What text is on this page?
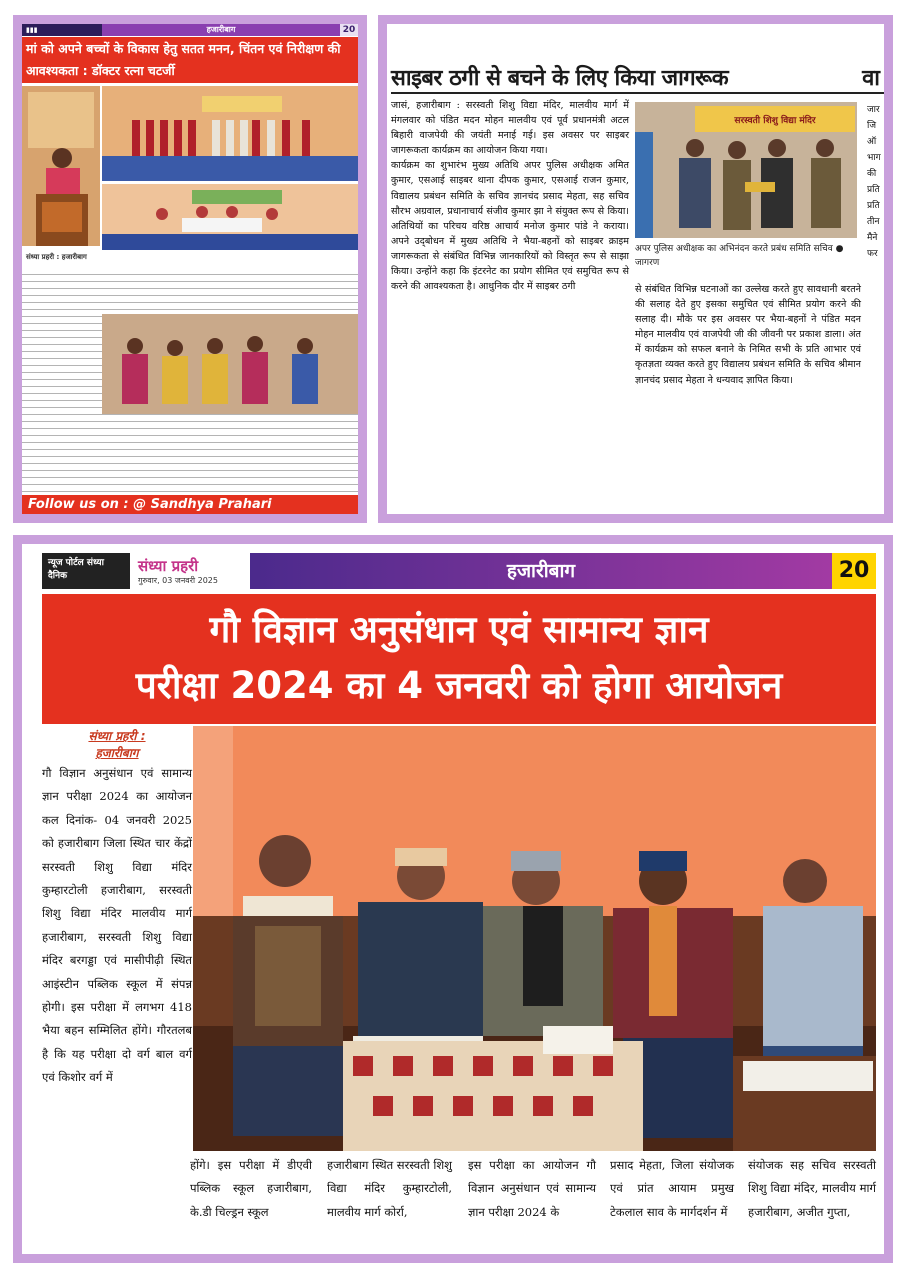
▮▮▮	हजारीबाग	20
मां को अपने बच्चों के विकास हेतु सतत मनन, चिंतन एवं निरीक्षण की आवश्यकता : डॉक्टर रत्ना चटर्जी
संध्या प्रहरी : हजारीबाग
Follow us on : @ Sandhya Prahari
साइबर ठगी से बचने के लिए किया जागरूक	वा

जासं, हजारीबाग : सरस्वती शिशु विद्या मंदिर, मालवीय मार्ग में मंगलवार को पंडित मदन मोहन मालवीय एवं पूर्व प्रधानमंत्री अटल बिहारी वाजपेयी की जयंती मनाई गई। इस अवसर पर साइबर जागरूकता कार्यक्रम का आयोजन किया गया।

कार्यक्रम का शुभारंभ मुख्य अतिथि अपर पुलिस अधीक्षक अमित कुमार, एसआई साइबर थाना दीपक कुमार, एसआई राजन कुमार, विद्यालय प्रबंधन समिति के सचिव ज्ञानचंद प्रसाद मेहता, सह सचिव सौरभ अग्रवाल, प्रधानाचार्य संजीव कुमार झा ने संयुक्त रूप से किया। अतिथियों का परिचय वरिष्ठ आचार्य मनोज कुमार पांडे ने कराया। अपने उद्‌बोधन में मुख्य अतिथि ने भैया-बहनों को साइबर क्राइम जागरूकता से संबंधित विभिन्न जानकारियों को विस्तृत रूप से साझा किया। उन्होंने कहा कि इंटरनेट का प्रयोग सीमित एवं समुचित रूप से करने की आवश्यकता है। आधुनिक दौर में साइबर ठगी

सरस्वती शिशु विद्या मंदिर
अपर पुलिस अधीक्षक का अभिनंदन करते प्रबंध समिति सचिव ● जागरण
से संबंधित विभिन्न घटनाओं का उल्लेख करते हुए सावधानी बरतने की सलाह देते हुए इसका समुचित एवं सीमित प्रयोग करने की सलाह दी। मौके पर इस अवसर पर भैया-बहनों ने पंडित मदन मोहन मालवीय एवं वाजपेयी जी की जीवनी पर प्रकाश डाला। अंत में कार्यक्रम को सफल बनाने के निमित सभी के प्रति आभार एवं कृतज्ञता व्यक्त करते हुए विद्यालय प्रबंधन समिति के सचिव श्रीमान ज्ञानचंद प्रसाद मेहता ने धन्यवाद ज्ञापित किया।
जार जि ऑ भाग की प्रति प्रति तीन मैने फर
न्यूज पोर्टल संध्या दैनिक
संध्या प्रहरी
गुरुवार, 03 जनवरी 2025	हजारीबाग	20
गौ विज्ञान अनुसंधान एवं सामान्य ज्ञान
परीक्षा 2024 का 4 जनवरी को होगा आयोजन
संध्या प्रहरी :
हजारीबाग
गौ विज्ञान अनुसंधान एवं सामान्य ज्ञान परीक्षा 2024 का आयोजन कल दिनांक- 04 जनवरी 2025 को हजारीबाग जिला स्थित चार केंद्रों सरस्वती शिशु विद्या मंदिर कुम्हारटोली हजारीबाग, सरस्वती शिशु विद्या मंदिर मालवीय मार्ग हजारीबाग, सरस्वती शिशु विद्या मंदिर बरगड्डा एवं मासीपीढ़ी स्थित आइंस्टीन पब्लिक स्कूल में संपन्न होगी। इस परीक्षा में लगभग 418 भैया बहन सम्मिलित होंगे। गौरतलब है कि यह परीक्षा दो वर्ग बाल वर्ग एवं किशोर वर्ग में
होंगे। इस परीक्षा में डीएवी पब्लिक स्कूल हजारीबाग, के.डी चिल्ड्रन स्कूल
हजारीबाग स्थित सरस्वती शिशु विद्या मंदिर कुम्हारटोली, मालवीय मार्ग कोर्रा,
इस परीक्षा का आयोजन गौ विज्ञान अनुसंधान एवं सामान्य ज्ञान परीक्षा 2024 के
प्रसाद मेहता, जिला संयोजक एवं प्रांत आयाम प्रमुख टेकलाल साव के मार्गदर्शन में
संयोजक सह सचिव सरस्वती शिशु विद्या मंदिर, मालवीय मार्ग हजारीबाग, अजीत गुप्ता,
